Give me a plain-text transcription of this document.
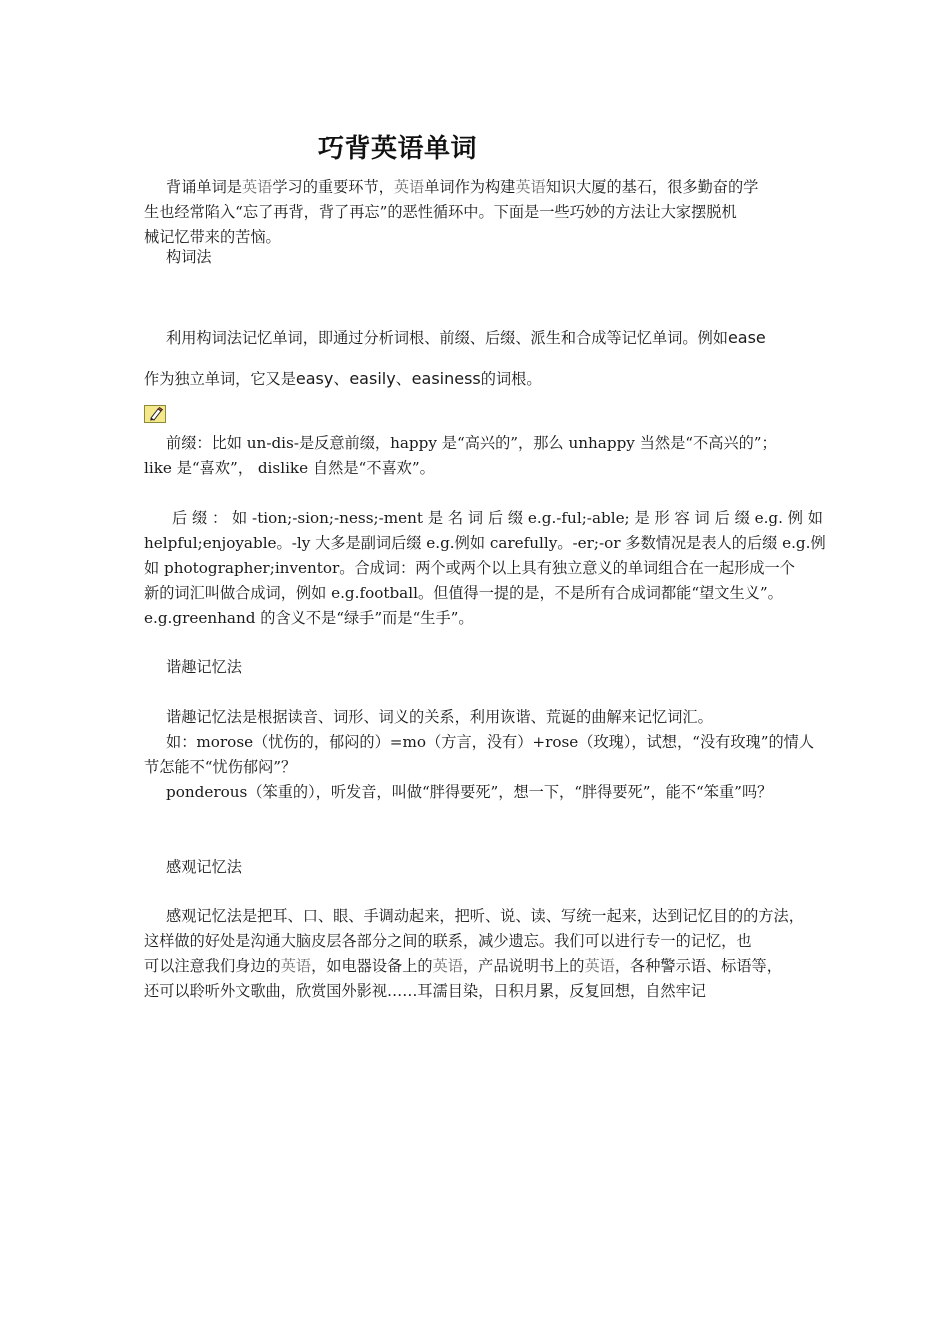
巧背英语单词
背诵单词是英语学习的重要环节，英语单词作为构建英语知识大厦的基石，很多勤奋的学
生也经常陷入“忘了再背，背了再忘”的恶性循环中。下面是一些巧妙的方法让大家摆脱机
械记忆带来的苦恼。
构词法
利用构词法记忆单词，即通过分析词根、前缀、后缀、派生和合成等记忆单词。例如ease
作为独立单词，它又是easy、easily、easiness的词根。
前缀：比如 un-dis-是反意前缀，happy 是“高兴的”，那么 unhappy 当然是“不高兴的”；
like 是“喜欢”， dislike 自然是“不喜欢”。
后 缀 ： 如 -tion;-sion;-ness;-ment 是 名 词 后 缀 e.g.-ful;-able; 是 形 容 词 后 缀 e.g. 例 如
helpful;enjoyable。-ly 大多是副词后缀 e.g.例如 carefully。-er;-or 多数情况是表人的后缀 e.g.例
如 photographer;inventor。合成词：两个或两个以上具有独立意义的单词组合在一起形成一个
新的词汇叫做合成词，例如 e.g.football。但值得一提的是，不是所有合成词都能“望文生义”。
e.g.greenhand 的含义不是“绿手”而是“生手”。
谐趣记忆法
谐趣记忆法是根据读音、词形、词义的关系，利用诙谐、荒诞的曲解来记忆词汇。
如：morose（忧伤的，郁闷的）=mo（方言，没有）+rose（玫瑰），试想，“没有玫瑰”的情人
节怎能不“忧伤郁闷”？
ponderous（笨重的），听发音，叫做“胖得要死”，想一下，“胖得要死”，能不“笨重”吗？
感观记忆法
感观记忆法是把耳、口、眼、手调动起来，把听、说、读、写统一起来，达到记忆目的的方法，
这样做的好处是沟通大脑皮层各部分之间的联系，减少遗忘。我们可以进行专一的记忆，也
可以注意我们身边的英语，如电器设备上的英语，产品说明书上的英语，各种警示语、标语等，
还可以聆听外文歌曲，欣赏国外影视……耳濡目染，日积月累，反复回想，自然牢记
